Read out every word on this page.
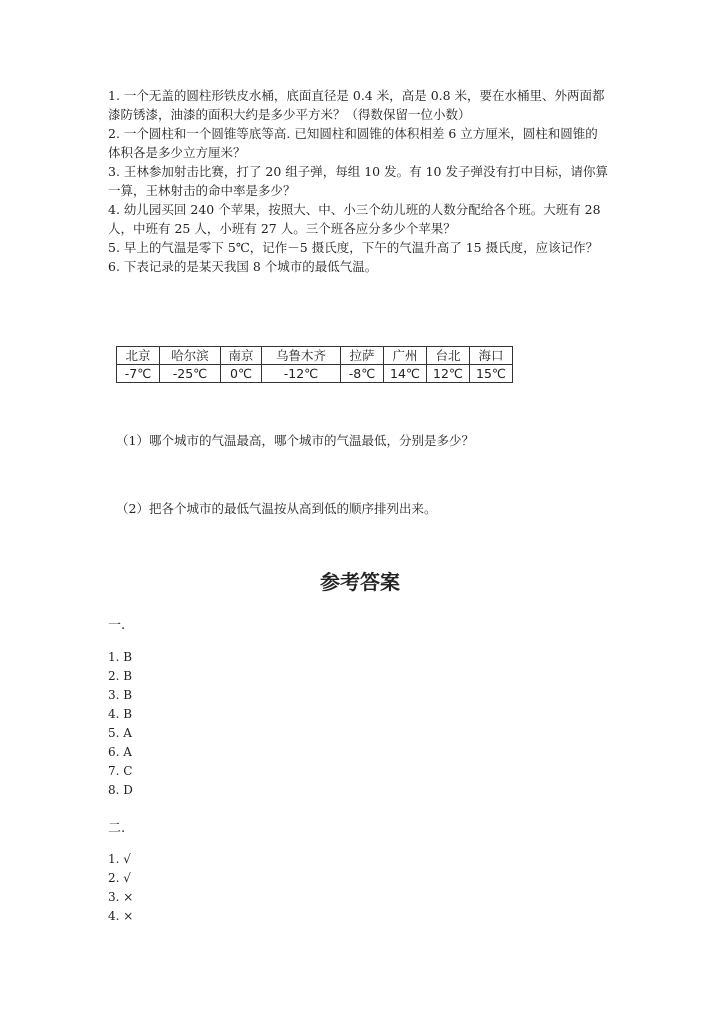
1. 一个无盖的圆柱形铁皮水桶，底面直径是 0.4 米，高是 0.8 米，要在水桶里、外两面都漆防锈漆，油漆的面积大约是多少平方米？（得数保留一位小数）

2. 一个圆柱和一个圆锥等底等高. 已知圆柱和圆锥的体积相差 6 立方厘米，圆柱和圆锥的体积各是多少立方厘米？

3. 王林参加射击比赛，打了 20 组子弹，每组 10 发。有 10 发子弹没有打中目标，请你算一算，王林射击的命中率是多少？

4. 幼儿园买回 240 个苹果，按照大、中、小三个幼儿班的人数分配给各个班。大班有 28 人，中班有 25 人，小班有 27 人。三个班各应分多少个苹果？

5. 早上的气温是零下 5℃，记作－5 摄氏度，下午的气温升高了 15 摄氏度，应该记作？

6. 下表记录的是某天我国 8 个城市的最低气温。

北京	哈尔滨	南京	乌鲁木齐	拉萨	广州	台北	海口
-7℃	-25℃	0℃	-12℃	-8℃	14℃	12℃	15℃
（1）哪个城市的气温最高，哪个城市的气温最低，分别是多少？
（2）把各个城市的最低气温按从高到低的顺序排列出来。
参考答案
一.
1. B
2. B
3. B
4. B
5. A
6. A
7. C
8. D
二.
1. √
2. √
3. ×
4. ×
